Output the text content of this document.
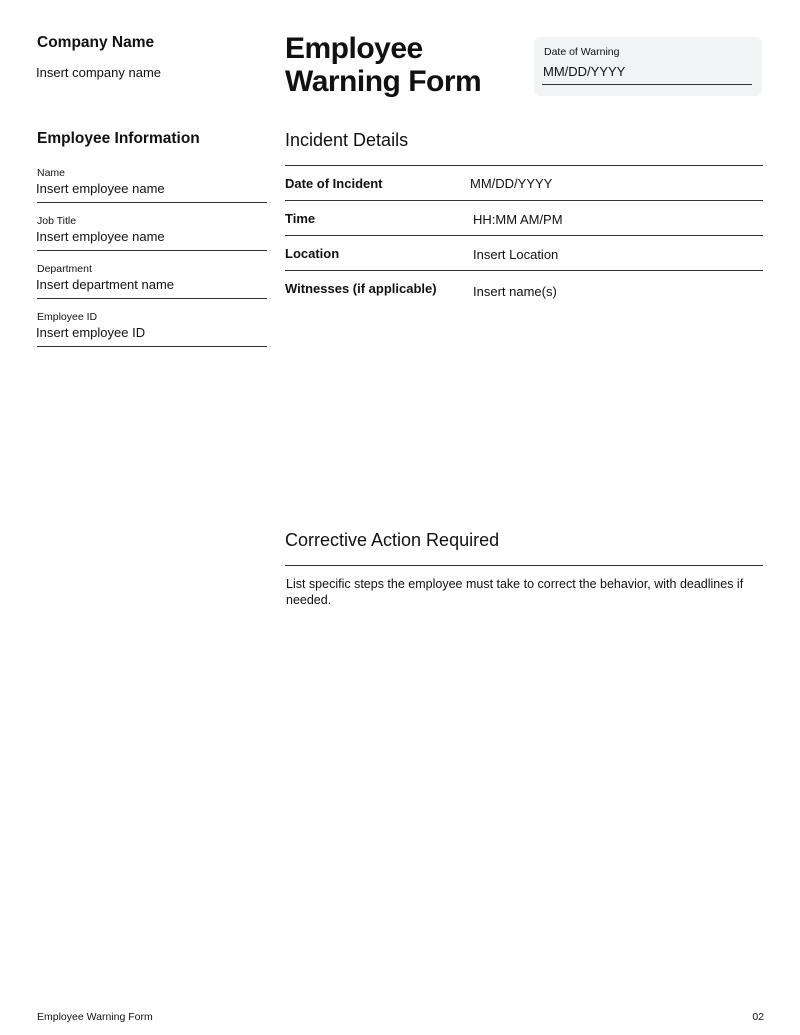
Company Name
Insert company name
Employee
Warning Form
Date of Warning
MM/DD/YYYY
Employee Information
Name
Insert employee name
Job Title
Insert employee name
Department
Insert department name
Employee ID
Insert employee ID
Incident Details
Date of Incident	MM/DD/YYYY
Time	HH:MM AM/PM
Location	Insert Location
Witnesses (if applicable)	Insert name(s)
Corrective Action Required
List specific steps the employee must take to correct the behavior, with deadlines if needed.
Employee Warning Form	02
